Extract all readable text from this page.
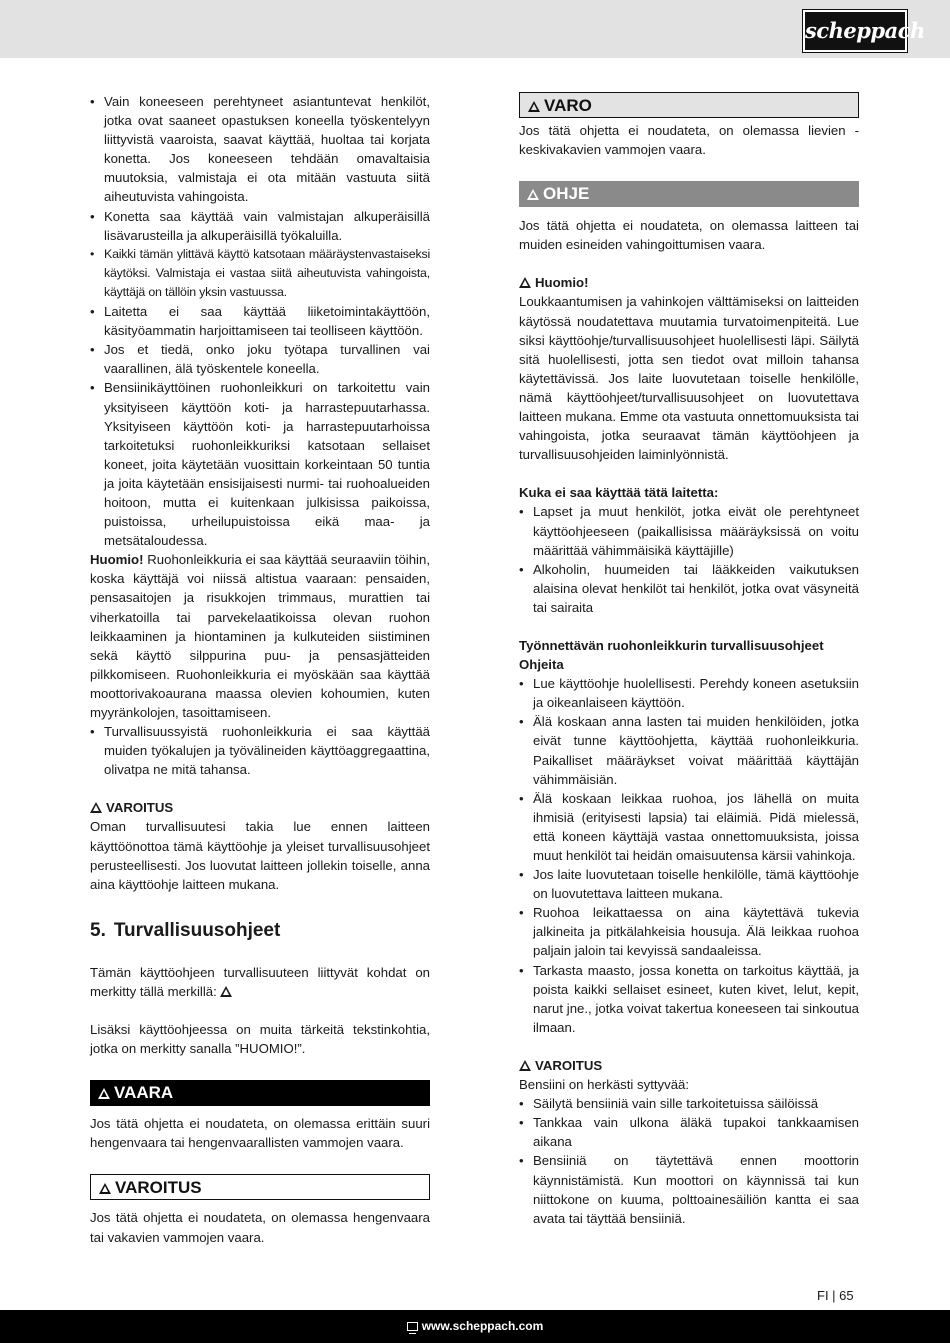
scheppach
• Vain koneeseen perehtyneet asiantuntevat henkilöt, jotka ovat saaneet opastuksen koneella työskentelyyn liittyvistä vaaroista, saavat käyttää, huoltaa tai korjata konetta. Jos koneeseen tehdään omavaltaisia muutoksia, valmistaja ei ota mitään vastuuta siitä aiheutuvista vahingoista.
• Konetta saa käyttää vain valmistajan alkuperäisillä lisävarusteilla ja alkuperäisillä työkaluilla.
• Kaikki tämän ylittävä käyttö katsotaan määräystenvastaiseksi käytöksi. Valmistaja ei vastaa siitä aiheutuvista vahingoista, käyttäjä on tällöin yksin vastuussa.
• Laitetta ei saa käyttää liiketoimintakäyttöön, käsityöammatin harjoittamiseen tai teolliseen käyttöön.
• Jos et tiedä, onko joku työtapa turvallinen vai vaarallinen, älä työskentele koneella.
• Bensiinikäyttöinen ruohonleikkuri on tarkoitettu vain yksityiseen käyttöön koti- ja harrastepuutarhassa. Yksityiseen käyttöön koti- ja harrastepuutarhoissa tarkoitetuksi ruohonleikkuriksi katsotaan sellaiset koneet, joita käytetään vuosittain korkeintaan 50 tuntia ja joita käytetään ensisijaisesti nurmi- tai ruohoalueiden hoitoon, mutta ei kuitenkaan julkisissa paikoissa, puistoissa, urheilupuistoissa eikä maa- ja metsätaloudessa.

Huomio! Ruohonleikkuria ei saa käyttää seuraaviin töihin, koska käyttäjä voi niissä altistua vaaraan: pensaiden, pensasaitojen ja risukkojen trimmaus, murattien tai viherkatoilla tai parvekelaatikoissa olevan ruohon leikkaaminen ja hiontaminen ja kulkuteiden siistiminen sekä käyttö silppurina puu- ja pensasjätteiden pilkkomiseen. Ruohonleikkuria ei myöskään saa käyttää moottorivakoaurana maassa olevien kohoumien, kuten myyränkolojen, tasoittamiseen.

• Turvallisuussyistä ruohonleikkuria ei saa käyttää muiden työkalujen ja työvälineiden käyttöaggregaattina, olivatpa ne mitä tahansa.

VAROITUS

Oman turvallisuutesi takia lue ennen laitteen käyttöönottoa tämä käyttöohje ja yleiset turvallisuusohjeet perusteellisesti. Jos luovutat laitteen jollekin toiselle, anna aina käyttöohje laitteen mukana.

5. Turvallisuusohjeet

Tämän käyttöohjeen turvallisuuteen liittyvät kohdat on merkitty tällä merkillä:

Lisäksi käyttöohjeessa on muita tärkeitä tekstinkohtia, jotka on merkitty sanalla ”HUOMIO!”.

VAARA

Jos tätä ohjetta ei noudateta, on olemassa erittäin suuri hengenvaara tai hengenvaarallisten vammojen vaara.

VAROITUS

Jos tätä ohjetta ei noudateta, on olemassa hengenvaara tai vakavien vammojen vaara.

VARO

Jos tätä ohjetta ei noudateta, on olemassa lievien - keskivakavien vammojen vaara.

OHJE

Jos tätä ohjetta ei noudateta, on olemassa laitteen tai muiden esineiden vahingoittumisen vaara.

Huomio!

Loukkaantumisen ja vahinkojen välttämiseksi on laitteiden käytössä noudatettava muutamia turvatoimenpiteitä. Lue siksi käyttöohje/turvallisuusohjeet huolellisesti läpi. Säilytä sitä huolellisesti, jotta sen tiedot ovat milloin tahansa käytettävissä. Jos laite luovutetaan toiselle henkilölle, nämä käyttöohjeet/turvallisuusohjeet on luovutettava laitteen mukana. Emme ota vastuuta onnettomuuksista tai vahingoista, jotka seuraavat tämän käyttöohjeen ja turvallisuusohjeiden laiminlyönnistä.

Kuka ei saa käyttää tätä laitetta:

• Lapset ja muut henkilöt, jotka eivät ole perehtyneet käyttöohjeeseen (paikallisissa määräyksissä on voitu määrittää vähimmäisikä käyttäjille)
• Alkoholin, huumeiden tai lääkkeiden vaikutuksen alaisina olevat henkilöt tai henkilöt, jotka ovat väsyneitä tai sairaita

Työnnettävän ruohonleikkurin turvallisuusohjeet

Ohjeita

• Lue käyttöohje huolellisesti. Perehdy koneen asetuksiin ja oikeanlaiseen käyttöön.
• Älä koskaan anna lasten tai muiden henkilöiden, jotka eivät tunne käyttöohjetta, käyttää ruohonleikkuria. Paikalliset määräykset voivat määrittää käyttäjän vähimmäisiän.
• Älä koskaan leikkaa ruohoa, jos lähellä on muita ihmisiä (erityisesti lapsia) tai eläimiä. Pidä mielessä, että koneen käyttäjä vastaa onnettomuuksista, joissa muut henkilöt tai heidän omaisuutensa kärsii vahinkoja.
• Jos laite luovutetaan toiselle henkilölle, tämä käyttöohje on luovutettava laitteen mukana.
• Ruohoa leikattaessa on aina käytettävä tukevia jalkineita ja pitkälahkeisia housuja. Älä leikkaa ruohoa paljain jaloin tai kevyissä sandaaleissa.
• Tarkasta maasto, jossa konetta on tarkoitus käyttää, ja poista kaikki sellaiset esineet, kuten kivet, lelut, kepit, narut jne., jotka voivat takertua koneeseen tai sinkoutua ilmaan.

VAROITUS

Bensiini on herkästi syttyvää:

• Säilytä bensiiniä vain sille tarkoitetuissa säilöissä
• Tankkaa vain ulkona äläkä tupakoi tankkaamisen aikana
• Bensiiniä on täytettävä ennen moottorin käynnistämistä. Kun moottori on käynnissä tai kun niittokone on kuuma, polttoainesäiliön kantta ei saa avata tai täyttää bensiiniä.
FI | 65
www.scheppach.com
